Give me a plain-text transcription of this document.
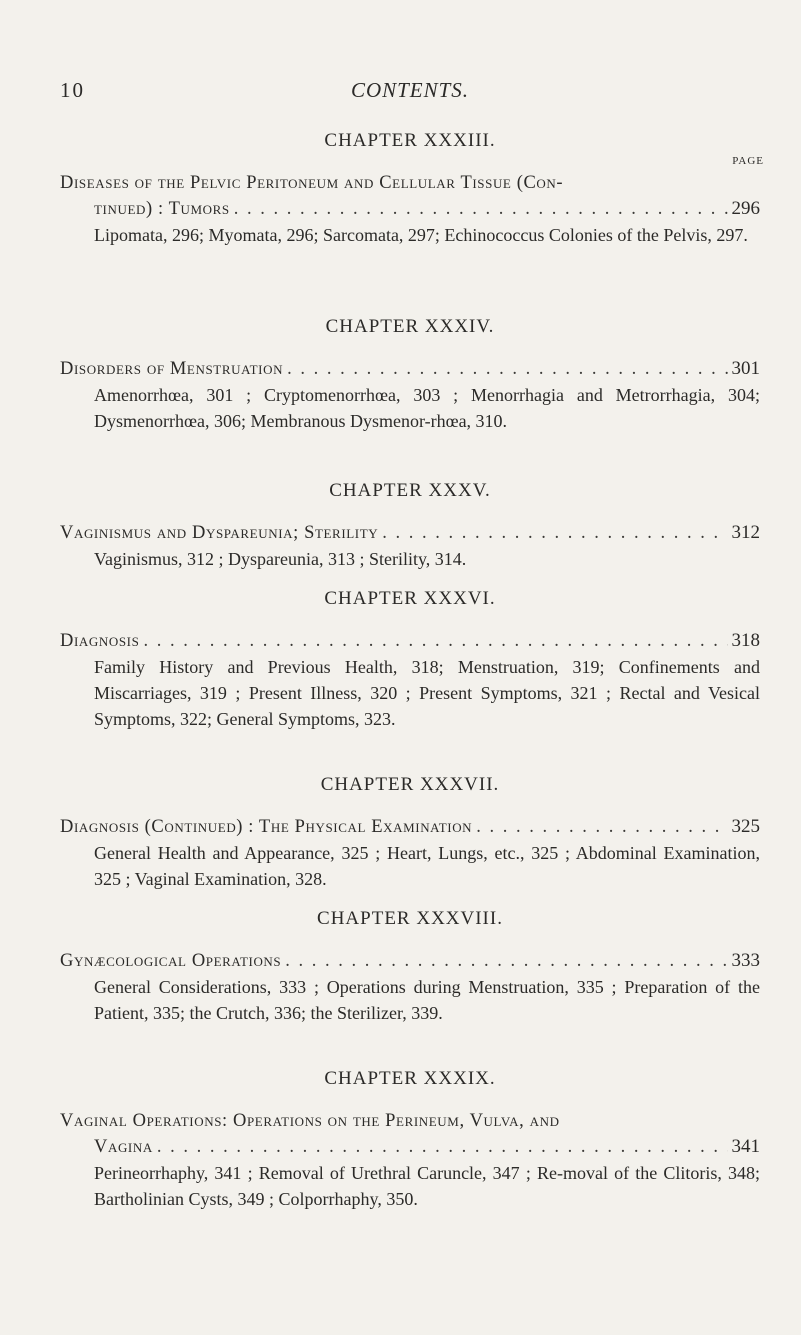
10	CONTENTS.
CHAPTER XXXIII.
PAGE
Diseases of the Pelvic Peritoneum and Cellular Tissue (Con-
tinued) : Tumors . . .	296
Lipomata, 296; Myomata, 296; Sarcomata, 297; Echinococcus Colonies of the Pelvis, 297.
CHAPTER XXXIV.
Disorders of Menstruation . . .	301
Amenorrhœa, 301 ; Cryptomenorrhœa, 303 ; Menorrhagia and Metrorrhagia, 304; Dysmenorrhœa, 306; Membranous Dysmenor-rhœa, 310.
CHAPTER XXXV.
Vaginismus and Dyspareunia; Sterility . . .	312
Vaginismus, 312 ; Dyspareunia, 313 ; Sterility, 314.
CHAPTER XXXVI.
Diagnosis . . .	318
Family History and Previous Health, 318; Menstruation, 319; Confinements and Miscarriages, 319 ; Present Illness, 320 ; Present Symptoms, 321 ; Rectal and Vesical Symptoms, 322; General Symptoms, 323.
CHAPTER XXXVII.
Diagnosis (Continued) : The Physical Examination . . .	325
General Health and Appearance, 325 ; Heart, Lungs, etc., 325 ; Abdominal Examination, 325 ; Vaginal Examination, 328.
CHAPTER XXXVIII.
Gynæcological Operations . . .	333
General Considerations, 333 ; Operations during Menstruation, 335 ; Preparation of the Patient, 335; the Crutch, 336; the Sterilizer, 339.
CHAPTER XXXIX.
Vaginal Operations: Operations on the Perineum, Vulva, and
Vagina . . .	341
Perineorrhaphy, 341 ; Removal of Urethral Caruncle, 347 ; Re-moval of the Clitoris, 348; Bartholinian Cysts, 349 ; Colporrhaphy, 350.
